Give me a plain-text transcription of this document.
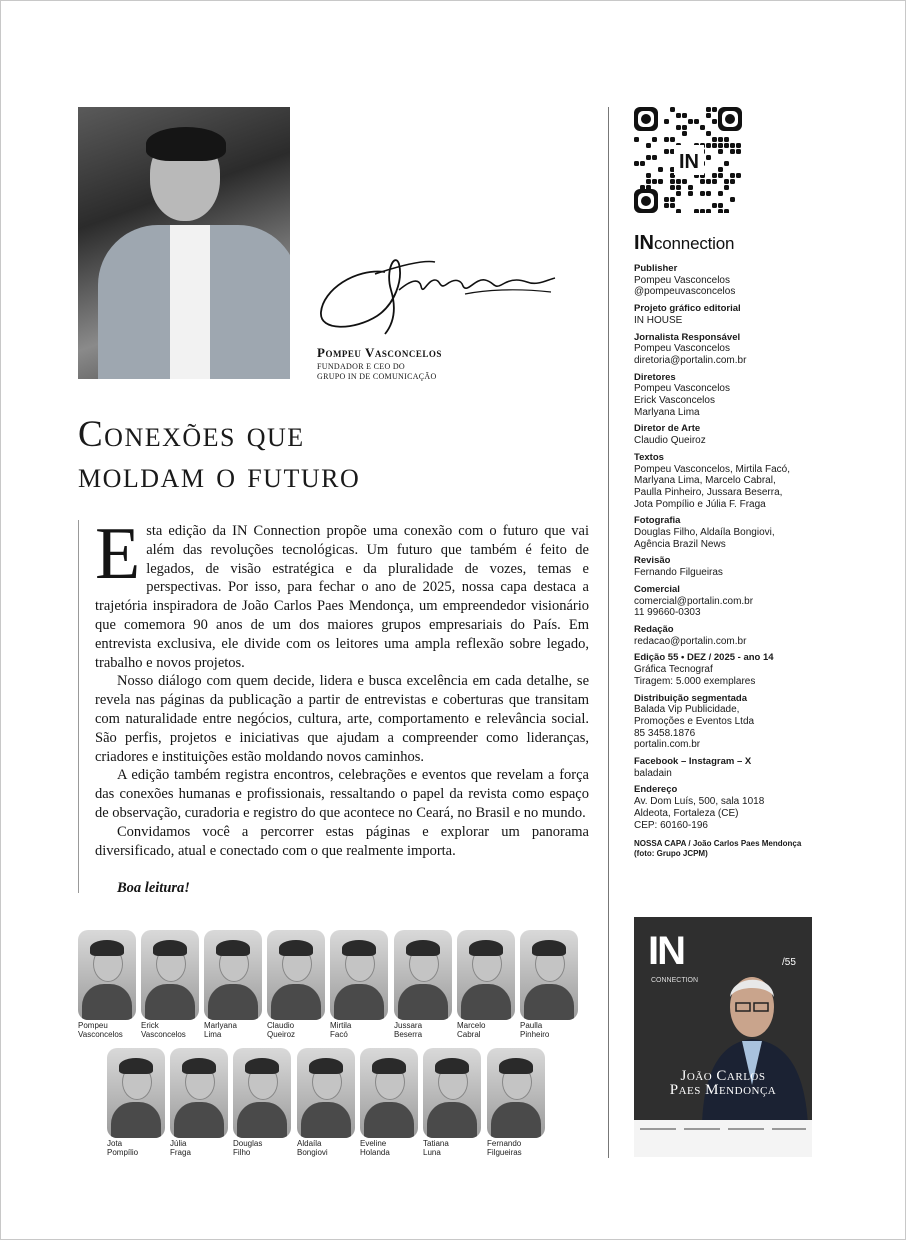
Pompeu Vasconcelos
FUNDADOR E CEO DO
GRUPO IN DE COMUNICAÇÃO
Conexões que
moldam o futuro

Esta edição da IN Connection propõe uma conexão com o futuro que vai além das revoluções tecnológicas. Um futuro que também é feito de legados, de visão estratégica e da pluralidade de vozes, temas e perspectivas. Por isso, para fechar o ano de 2025, nossa capa destaca a trajetória inspiradora de João Carlos Paes Mendonça, um empreendedor visionário que comemora 90 anos de um dos maiores grupos empresariais do País. Em entrevista exclusiva, ele divide com os leitores uma ampla reflexão sobre legado, trabalho e novos projetos.

Nosso diálogo com quem decide, lidera e busca excelência em cada detalhe, se revela nas páginas da publicação a partir de entrevistas e coberturas que transitam com naturalidade entre negócios, cultura, arte, comportamento e relevância social. São perfis, projetos e iniciativas que ajudam a compreender como lideranças, criadores e instituições estão moldando novos caminhos.

A edição também registra encontros, celebrações e eventos que revelam a força das conexões humanas e profissionais, ressaltando o papel da revista como espaço de observação, curadoria e registro do que acontece no Ceará, no Brasil e no mundo.

Convidamos você a percorrer estas páginas e explorar um panorama diversificado, atual e conectado com o que realmente importa.

Boa leitura!
IN
INconnection
Publisher
Pompeu Vasconcelos
@pompeuvasconcelos
Projeto gráfico editorial
IN HOUSE
Jornalista Responsável
Pompeu Vasconcelos
diretoria@portalin.com.br
Diretores
Pompeu Vasconcelos
Erick Vasconcelos
Marlyana Lima
Diretor de Arte
Claudio Queiroz
Textos
Pompeu Vasconcelos, Mirtila Facó,
Marlyana Lima, Marcelo Cabral,
Paulla Pinheiro, Jussara Beserra,
Jota Pompílio e Júlia F. Fraga
Fotografia
Douglas Filho, Aldaíla Bongiovi,
Agência Brazil News
Revisão
Fernando Filgueiras
Comercial
comercial@portalin.com.br
11 99660-0303
Redação
redacao@portalin.com.br
Edição 55 • DEZ / 2025 - ano 14
Gráfica Tecnograf
Tiragem: 5.000 exemplares
Distribuição segmentada
Balada Vip Publicidade,
Promoções e Eventos Ltda
85 3458.1876
portalin.com.br
Facebook – Instagram – X
baladain
Endereço
Av. Dom Luís, 500, sala 1018
Aldeota, Fortaleza (CE)
CEP: 60160-196
NOSSA CAPA / João Carlos Paes Mendonça
(foto: Grupo JCPM)
IN
CONNECTION
/55
João Carlos
Paes Mendonça
Pompeu
Vasconcelos
Erick
Vasconcelos
Marlyana
Lima
Claudio
Queiroz
Mirtila
Facó
Jussara
Beserra
Marcelo
Cabral
Paulla
Pinheiro
Jota
Pompílio
Júlia
Fraga
Douglas
Filho
Aldaíla
Bongiovi
Eveline
Holanda
Tatiana
Luna
Fernando
Filgueiras
